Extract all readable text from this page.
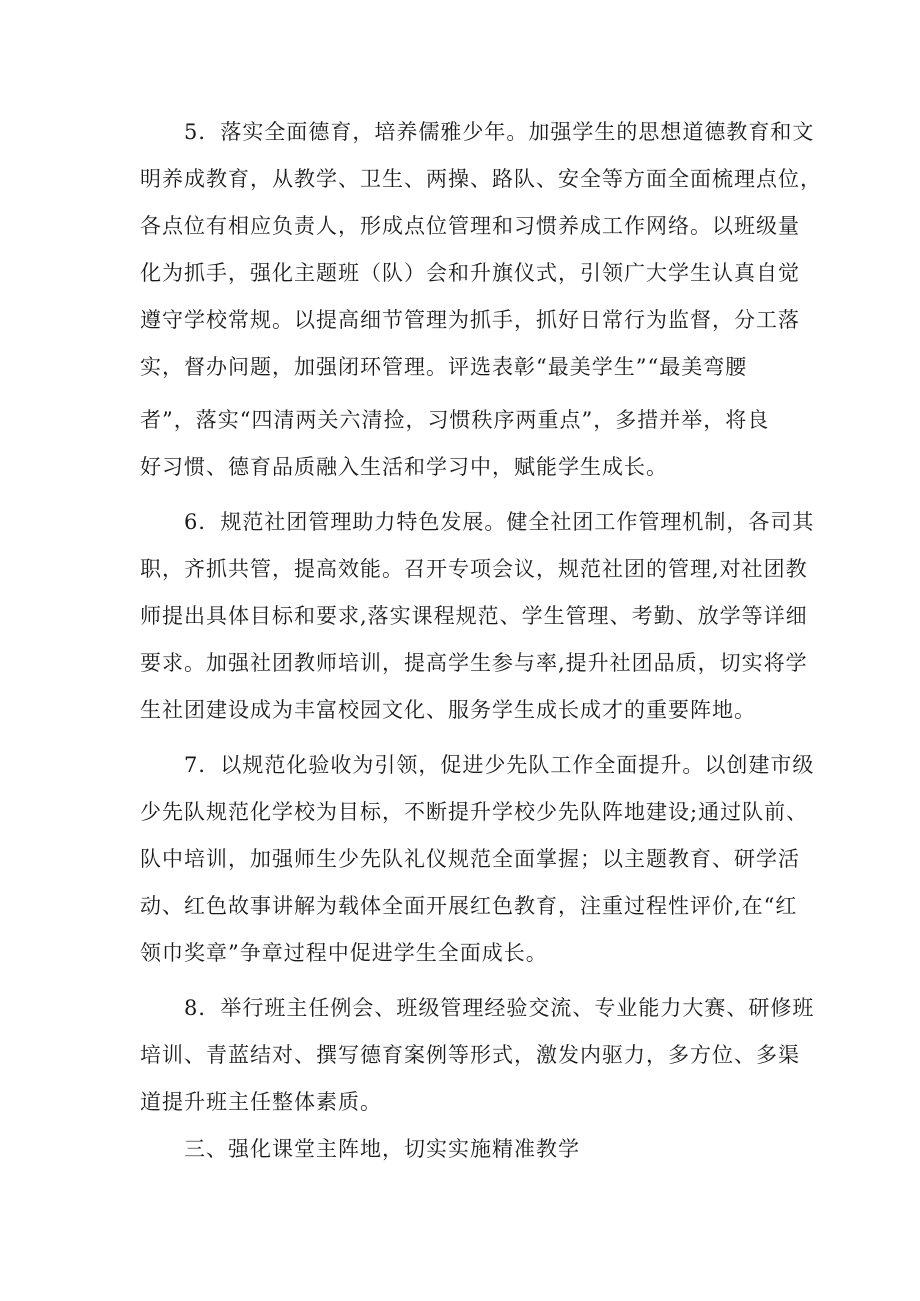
5．落实全面德育，培养儒雅少年。加强学生的思想道德教育和文
明养成教育，从教学、卫生、两操、路队、安全等方面全面梳理点位，
各点位有相应负责人，形成点位管理和习惯养成工作网络。以班级量
化为抓手，强化主题班（队）会和升旗仪式，引领广大学生认真自觉
遵守学校常规。以提高细节管理为抓手，抓好日常行为监督，分工落
实，督办问题，加强闭环管理。评选表彰“最美学生”“最美弯腰
者”，落实“四清两关六清捡，习惯秩序两重点”，多措并举，将良
好习惯、德育品质融入生活和学习中，赋能学生成长。
6．规范社团管理助力特色发展。健全社团工作管理机制，各司其
职，齐抓共管，提高效能。召开专项会议，规范社团的管理,对社团教
师提出具体目标和要求,落实课程规范、学生管理、考勤、放学等详细
要求。加强社团教师培训，提高学生参与率,提升社团品质，切实将学
生社团建设成为丰富校园文化、服务学生成长成才的重要阵地。
7．以规范化验收为引领，促进少先队工作全面提升。以创建市级
少先队规范化学校为目标，不断提升学校少先队阵地建设;通过队前、
队中培训，加强师生少先队礼仪规范全面掌握；以主题教育、研学活
动、红色故事讲解为载体全面开展红色教育，注重过程性评价,在“红
领巾奖章”争章过程中促进学生全面成长。
8．举行班主任例会、班级管理经验交流、专业能力大赛、研修班
培训、青蓝结对、撰写德育案例等形式，激发内驱力，多方位、多渠
道提升班主任整体素质。
三、强化课堂主阵地，切实实施精准教学
